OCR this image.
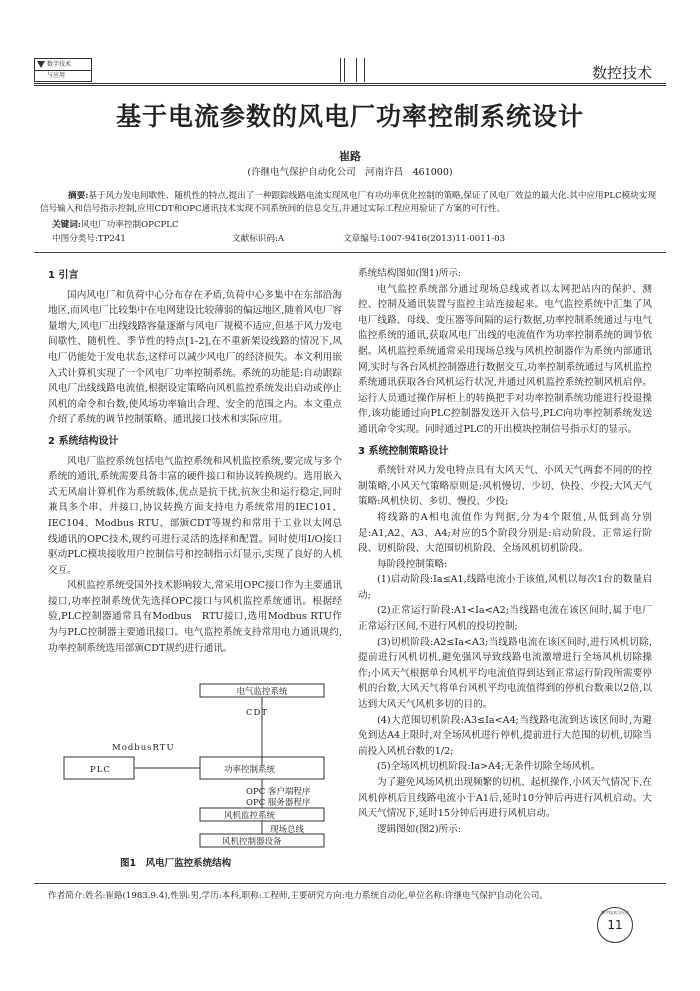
数字技术
与应用	数控技术
基于电流参数的风电厂功率控制系统设计
崔路
(许继电气保护自动化公司　河南许昌　461000)
摘要:基于风力发电间歇性、随机性的特点,提出了一种跟踪线路电流实现风电厂有功功率优化控制的策略,保证了风电厂效益的最大化.其中应用PLC模块实现信号输入和信号指示控制,应用CDT和OPC通讯技术实现不同系统间的信息交互,并通过实际工程应用验证了方案的可行性。
关键词:风电厂功率控制OPCPLC
中图分类号:TP241	文献标识码:A	文章编号:1007-9416(2013)11-0011-03
1 引言

国内风电厂和负荷中心分布存在矛盾,负荷中心多集中在东部沿海地区,而风电厂比较集中在电网建设比较薄弱的偏远地区,随着风电厂容量增大,风电厂出线线路容量逐渐与风电厂规模不适应,但基于风力发电间歇性、随机性、季节性的特点[1-2],在不重新架设线路的情况下,风电厂仍能处于发电状态,这样可以减少风电厂的经济损失。本文利用嵌入式计算机实现了一个风电厂功率控制系统。系统的功能是:自动跟踪风电厂出线线路电流值,根据设定策略向风机监控系统发出启动或停止风机的命令和台数,使风场功率输出合理、安全的范围之内。本文重点介绍了系统的调节控制策略、通讯接口技术和实际应用。

2 系统结构设计

风电厂监控系统包括电气监控系统和风机监控系统,要完成与多个系统的通讯,系统需要具备丰富的硬件接口和协议转换规约。选用嵌入式无风扇计算机作为系统载体,优点是抗干扰,抗灰尘和运行稳定,同时兼具多个串、并接口,协议转换方面支持电力系统常用的IEC101、IEC104、Modbus RTU、部颁CDT等规约和常用于工业以太网总线通讯的OPC技术,规约可进行灵活的选择和配置。同时使用I/O接口驱动PLC模块接收用户控制信号和控制指示灯显示,实现了良好的人机交互。

风机监控系统受国外技术影响较大,常采用OPC接口作为主要通讯接口,功率控制系统优先选择OPC接口与风机监控系统通讯。根据经验,PLC控制器通常具有Modbus　RTU接口,选用Modbus RTU作为与PLC控制器主要通讯接口。电气监控系统支持常用电力通讯规约,功率控制系统选用部颁CDT规约进行通讯。

电气监控系统
CDT
ModbusRTU
PLC	功率控制系统
OPC 客户端程序
OPC 服务器程序
风机监控系统
现场总线
风机控制器设备
图1　风电厂监控系统结构

系统结构图如(图1)所示:

电气监控系统部分通过现场总线或者以太网把站内的保护、测控、控制及通讯装置与监控主站连接起来。电气监控系统中汇集了风电厂线路、母线、变压器等间隔的运行数据,功率控制系统通过与电气监控系统的通讯,获取风电厂出线的电流值作为功率控制系统的调节依据。风机监控系统通常采用现场总线与风机控制器作为系统内部通讯网,实时与各台风机控制器进行数据交互,功率控制系统通过与风机监控系统通讯获取各台风机运行状况,并通过风机监控系统控制风机启停。运行人员通过操作屏柜上的转换把手对功率控制系统功能进行投退操作,该功能通过向PLC控制器发送开入信号,PLC向功率控制系统发送通讯命令实现。同时通过PLC的开出模块控制信号指示灯的显示。

3 系统控制策略设计

系统针对风力发电特点具有大风天气、小风天气两套不同的的控制策略,小风天气策略原则是:风机慢切、少切、快投、少投;大风天气策略:风机快切、多切、慢投、少投;

将线路的A相电流值作为判据,分为4个限值,从低到高分别是:A1,A2、A3、A4;对应的5个阶段分别是:启动阶段、正常运行阶段、切机阶段、大范围切机阶段、全场风机切机阶段。

每阶段控制策略:

(1)启动阶段:Ia≤A1,线路电流小于该值,风机以每次1台的数量启动;

(2)正常运行阶段:A1<Ia<A2;当线路电流在该区间时,属于电厂正常运行区间,不进行风机的投切控制;

(3)切机阶段:A2≤Ia<A3;当线路电流在该区间时,进行风机切除,提前进行风机切机,避免强风导致线路电流激增进行全场风机切除操作;小风天气根据单台风机平均电流值得到达到正常运行阶段所需要停机的台数,大风天气将单台风机平均电流值得到的停机台数乘以2倍,以达到大风天气风机多切的目的。

(4)大范围切机阶段:A3≤Ia<A4;当线路电流到达该区间时,为避免到达A4上限时,对全场风机进行停机,提前进行大范围的切机,切除当前投入风机台数的1/2;

(5)全场风机切机阶段:Ia>A4;无条件切除全场风机。

为了避免风场风机出现频繁的切机、起机操作,小风天气情况下,在风机停机后且线路电流小于A1后,延时10分钟后再进行风机启动。大风天气情况下,延时15分钟后再进行风机启动。

逻辑图如(图2)所示:

作者简介:姓名:崔路(1983.9.4),性别:男,学历:本科,职称:工程师,主要研究方向:电力系统自动化,单位名称:许继电气保护自动化公司。
数字技术与应用
11
